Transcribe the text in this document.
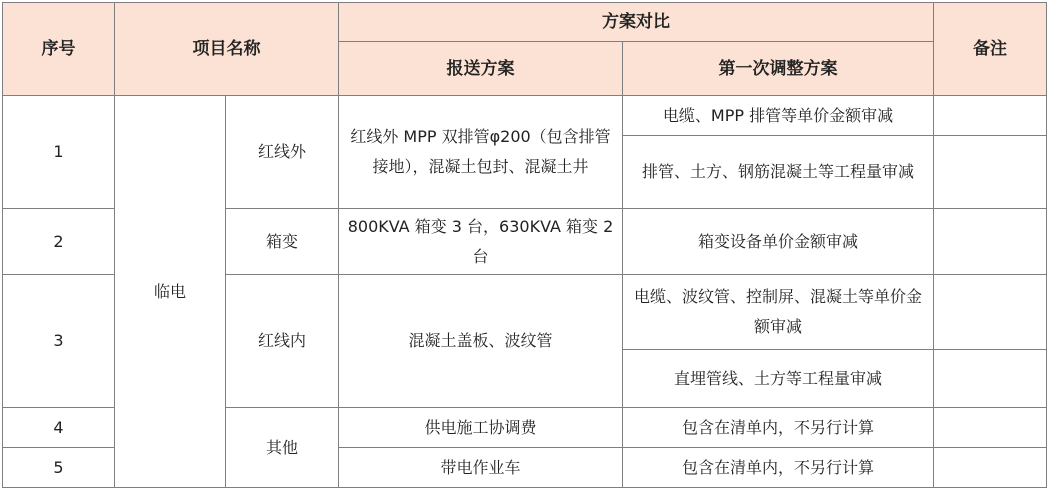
序号	项目名称		方案对比		备注
			报送方案	第一次调整方案	
1	临电	红线外	红线外 MPP 双排管φ200（包含排管接地），混凝土包封、混凝土井	电缆、MPP 排管等单价金额审减	
				排管、土方、钢筋混凝土等工程量审减	
2		箱变	800KVA 箱变 3 台，630KVA 箱变 2 台	箱变设备单价金额审减	
3		红线内	混凝土盖板、波纹管	电缆、波纹管、控制屏、混凝土等单价金额审减	
				直埋管线、土方等工程量审减	
4		其他	供电施工协调费	包含在清单内，不另行计算	
5			带电作业车	包含在清单内，不另行计算	
